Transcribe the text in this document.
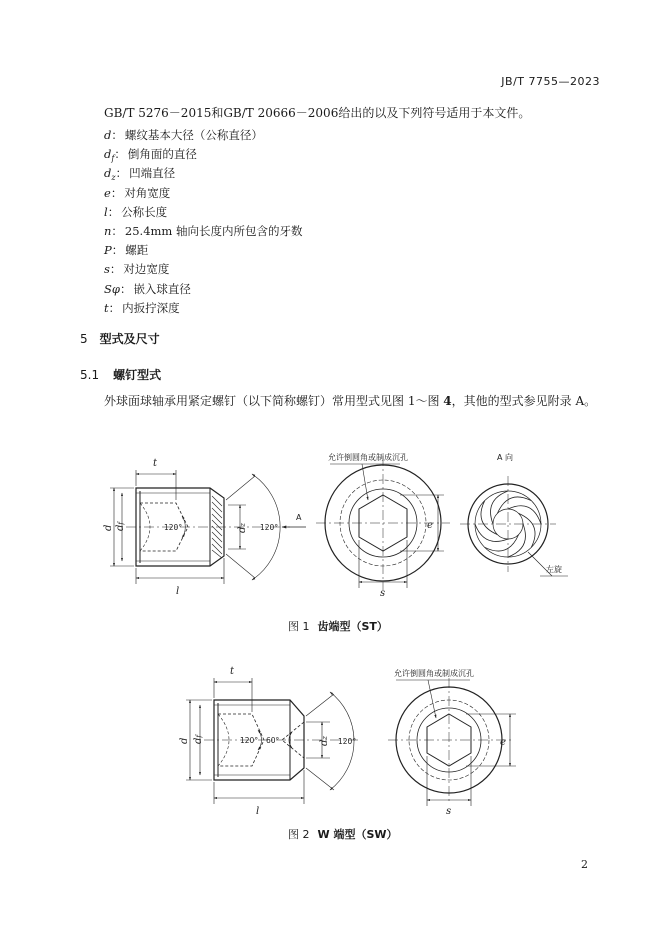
JB/T 7755—2023
GB/T 5276－2015和GB/T 20666－2006给出的以及下列符号适用于本文件。
d： 螺纹基本大径（公称直径）
$d_f$： 倒角面的直径
$d_z$： 凹端直径
e： 对角宽度
l： 公称长度
n： 25.4mm 轴向长度内所包含的牙数
P： 螺距
s： 对边宽度
Sφ： 嵌入球直径
t： 内扳拧深度
5 型式及尺寸
5.1 螺钉型式
外球面球轴承用紧定螺钉（以下简称螺钉）常用型式见图 1～图 4，其他的型式参见附录 A。
t
l
d df
dz
120°	120°
A
允许倒圆角或制成沉孔
e
s
A 向
左旋
t
l
d df
dz
120° 60°	120°
允许倒圆角或制成沉孔
e
s
图 1 齿端型（ST）
图 2 W 端型（SW）
2
